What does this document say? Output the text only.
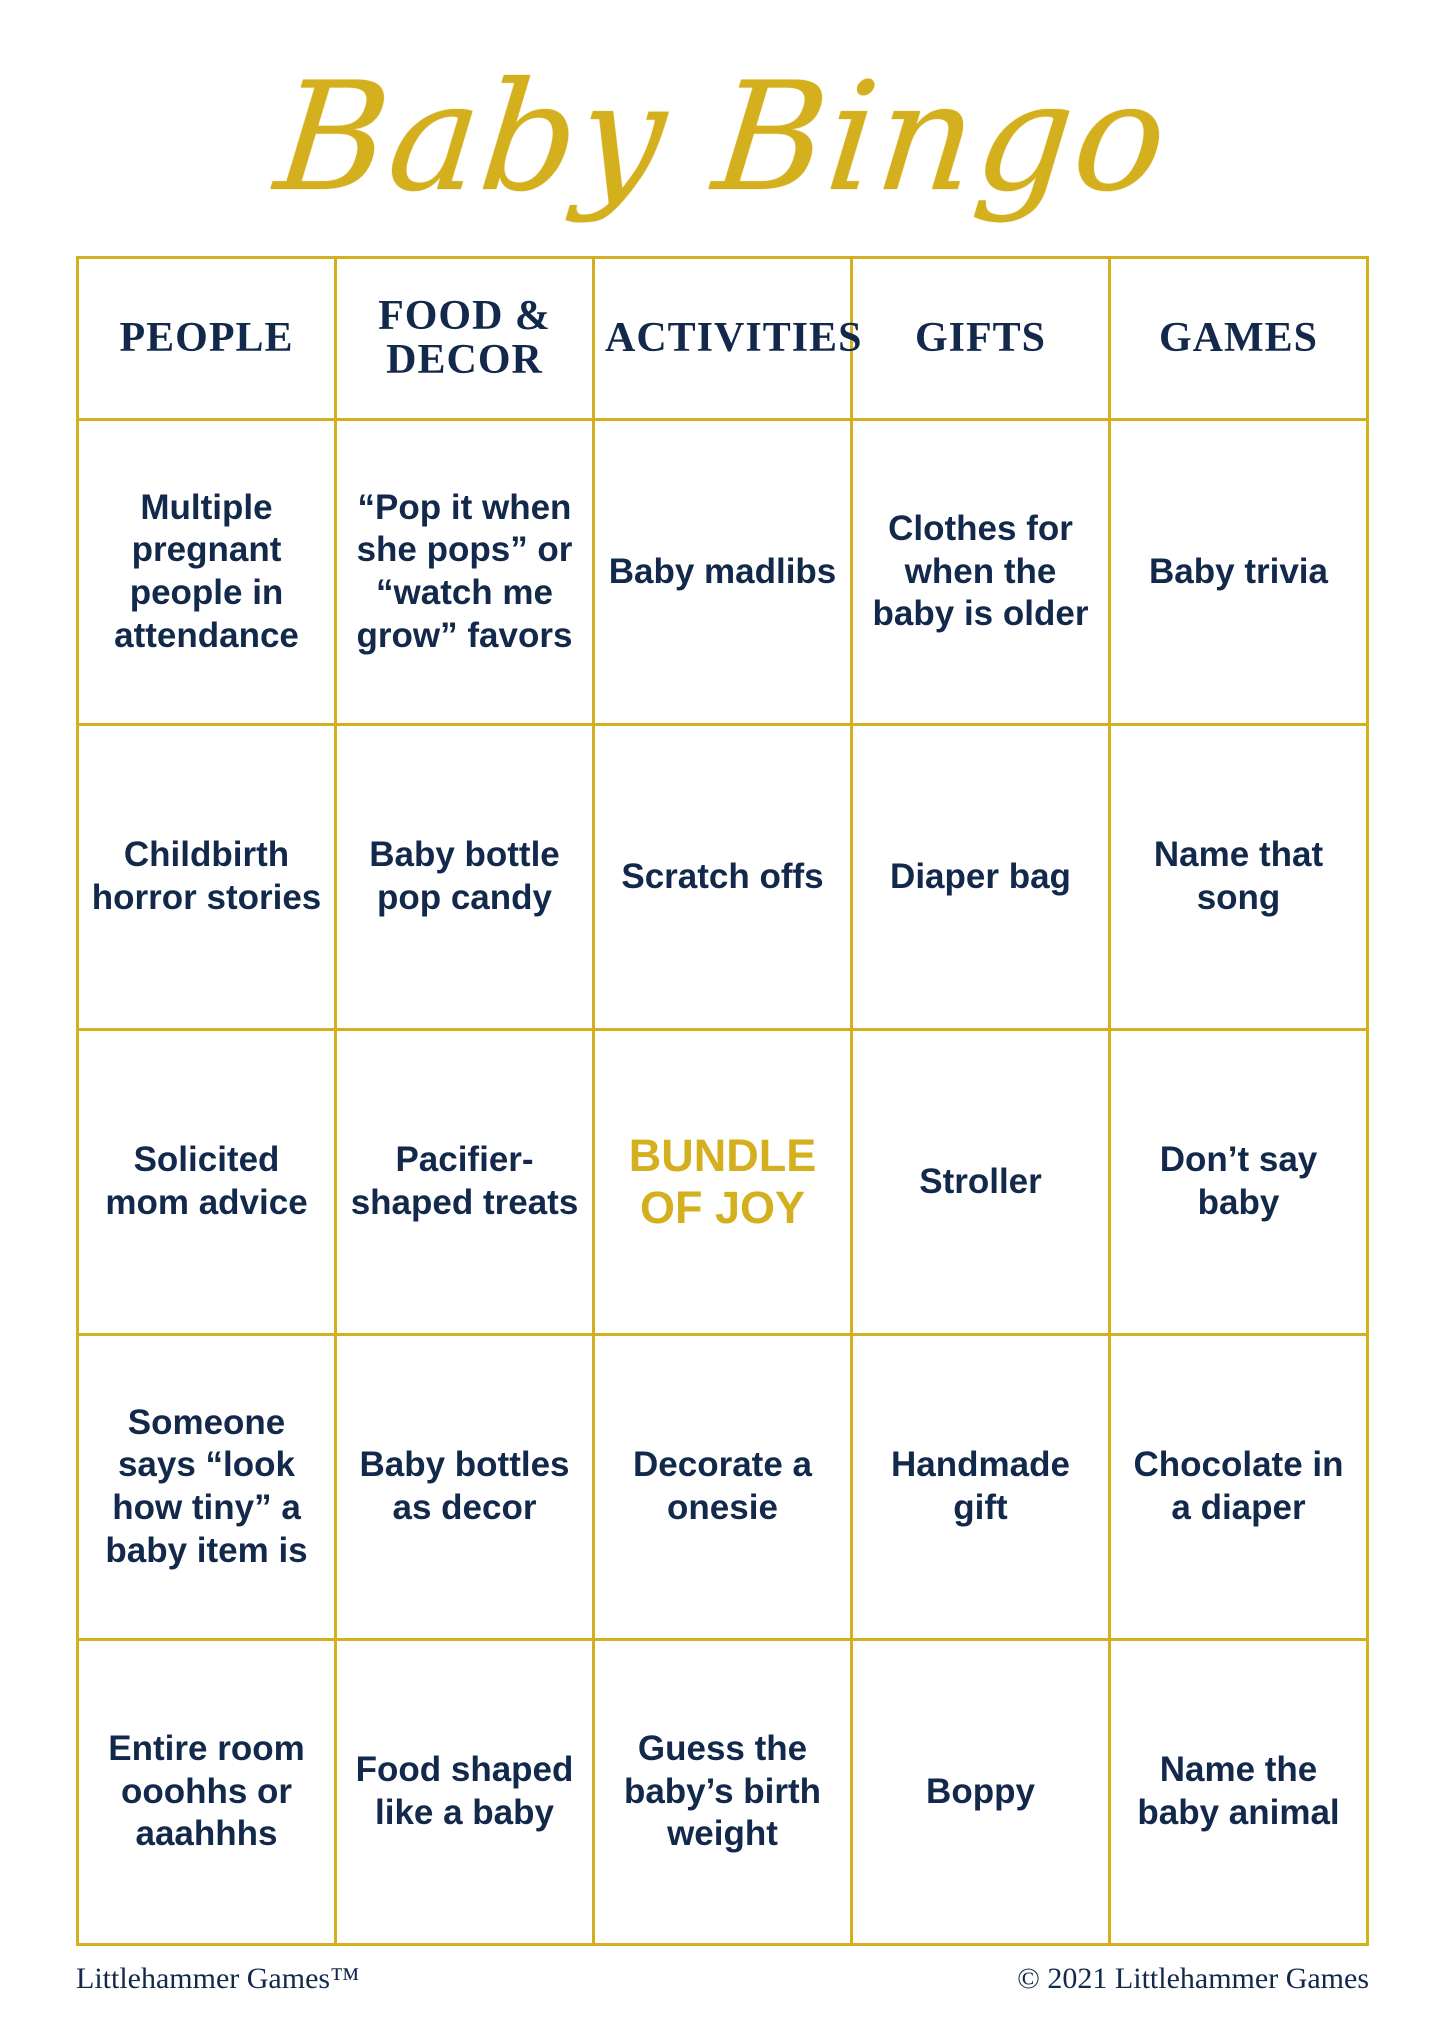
Baby Bingo
PEOPLE	FOOD & DECOR	ACTIVITIES	GIFTS	GAMES
Multiple pregnant people in attendance	“Pop it when she pops” or “watch me grow” favors	Baby madlibs	Clothes for when the baby is older	Baby trivia
Childbirth horror stories	Baby bottle pop candy	Scratch offs	Diaper bag	Name that song
Solicited mom advice	Pacifier-shaped treats	BUNDLE OF JOY	Stroller	Don’t say baby
Someone says “look how tiny” a baby item is	Baby bottles as decor	Decorate a onesie	Handmade gift	Chocolate in a diaper
Entire room ooohhs or aaahhhs	Food shaped like a baby	Guess the baby’s birth weight	Boppy	Name the baby animal
Littlehammer Games™	© 2021 Littlehammer Games
